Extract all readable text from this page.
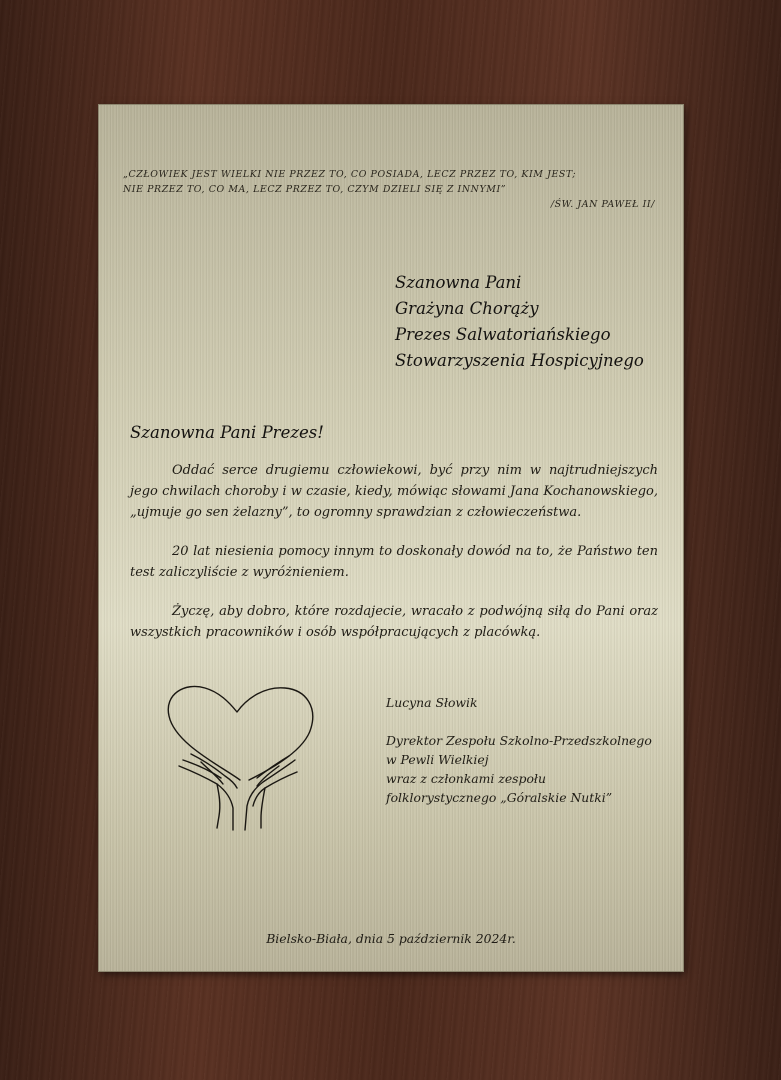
„CZŁOWIEK JEST WIELKI NIE PRZEZ TO, CO POSIADA, LECZ PRZEZ TO, KIM JEST;
NIE PRZEZ TO, CO MA, LECZ PRZEZ TO, CZYM DZIELI SIĘ Z INNYMI”
/ŚW. JAN PAWEŁ II/
Szanowna Pani
Grażyna Chorąży
Prezes Salwatoriańskiego
Stowarzyszenia Hospicyjnego
Szanowna Pani Prezes!

Oddać serce drugiemu człowiekowi, być przy nim w najtrudniejszych jego chwilach choroby i w czasie, kiedy, mówiąc słowami Jana Kochanowskiego, „ujmuje go sen żelazny”, to ogromny sprawdzian z człowieczeństwa.

20 lat niesienia pomocy innym to doskonały dowód na to, że Państwo ten test zaliczyliście z wyróżnieniem.

Życzę, aby dobro, które rozdajecie, wracało z podwójną siłą do Pani oraz wszystkich pracowników i osób współpracujących z placówką.

Lucyna Słowik
Dyrektor Zespołu Szkolno-Przedszkolnego
w Pewli Wielkiej
wraz z członkami zespołu
folklorystycznego „Góralskie Nutki”
Bielsko-Biała, dnia 5 październik 2024r.
